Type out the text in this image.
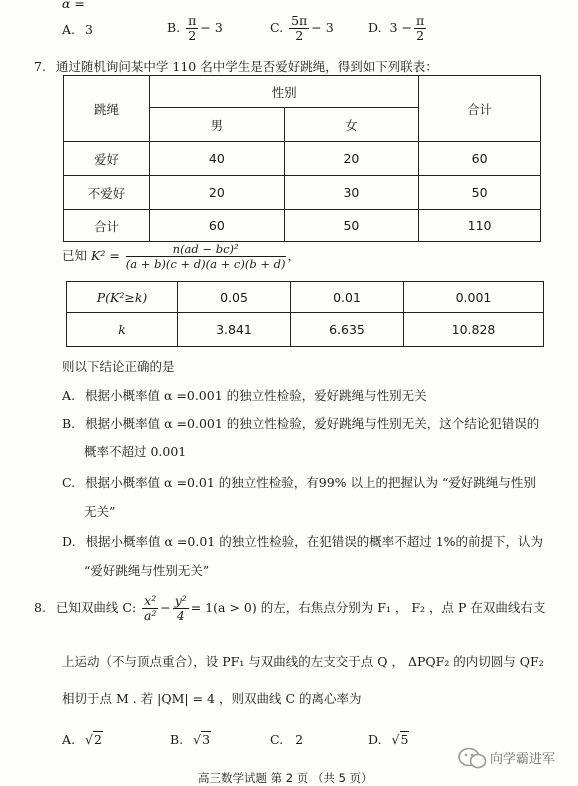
α =
A. 3	B. $\frac{\pi}{2} - 3$	C. $\frac{5\pi}{2} - 3$	D. $3 - \frac{\pi}{2}$
7. 通过随机询问某中学 110 名中学生是否爱好跳绳，得到如下列联表：
跳绳	性别		合计
	男	女	
爱好	40	20	60
不爱好	20	30	50
合计	60	50	110
已知 $K^2 = \frac{\text{n(ad − bc)²}}{(a + b)(c + d)(a + c)(b + d)}$ ，
P(K²≥k)	0.05	0.01	0.001
k	3.841	6.635	10.828
则以下结论正确的是
A. 根据小概率值 α =0.001 的独立性检验，爱好跳绳与性别无关
B. 根据小概率值 α =0.001 的独立性检验，爱好跳绳与性别无关，这个结论犯错误的
概率不超过 0.001
C. 根据小概率值 α =0.01 的独立性检验，有99% 以上的把握认为 “爱好跳绳与性别
无关”
D. 根据小概率值 α =0.01 的独立性检验，在犯错误的概率不超过 1%的前提下，认为
“爱好跳绳与性别无关”
8. 已知双曲线 C: $\frac{\text{x²}}{\text{a²}} - \frac{\text{y²}}{4} = 1(a > 0)$ 的左，右焦点分别为 F₁ ， F₂ ，点 P 在双曲线右支
上运动（不与顶点重合），设 PF₁ 与双曲线的左支交于点 Q ， ΔPQF₂ 的内切圆与 QF₂
相切于点 M . 若 |QM| = 4 ，则双曲线 C 的离心率为
A. √2	B. √3	C. 2	D. √5
高三数学试题 第 2 页 （共 5 页）
向学霸进军
